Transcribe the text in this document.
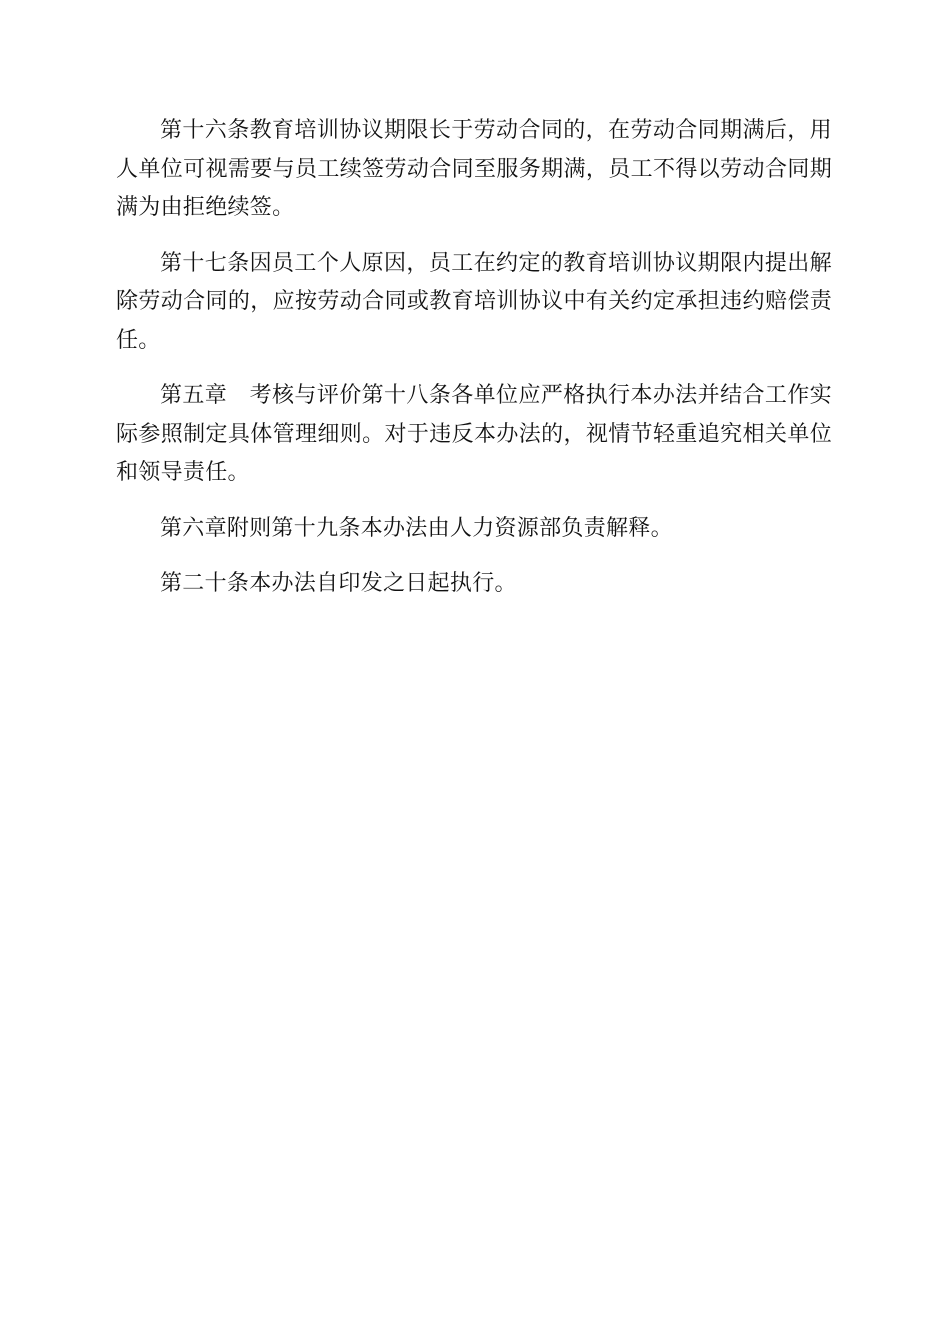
第十六条教育培训协议期限长于劳动合同的，在劳动合同期满后，用人单位可视需要与员工续签劳动合同至服务期满，员工不得以劳动合同期满为由拒绝续签。

第十七条因员工个人原因，员工在约定的教育培训协议期限内提出解除劳动合同的，应按劳动合同或教育培训协议中有关约定承担违约赔偿责任。

第五章　考核与评价第十八条各单位应严格执行本办法并结合工作实际参照制定具体管理细则。对于违反本办法的，视情节轻重追究相关单位和领导责任。

第六章附则第十九条本办法由人力资源部负责解释。

第二十条本办法自印发之日起执行。
